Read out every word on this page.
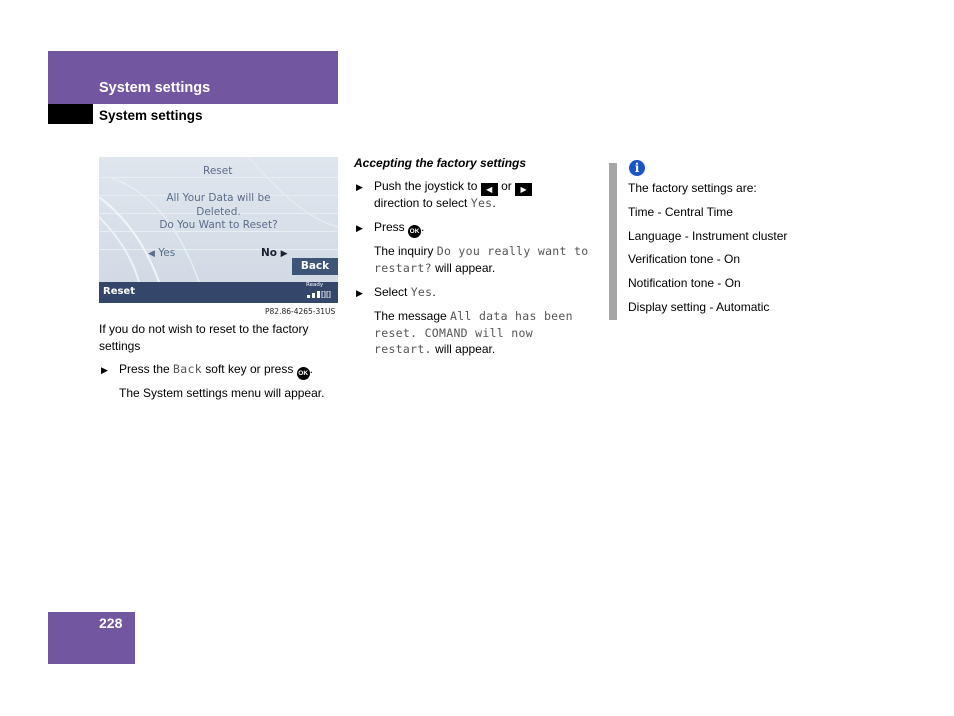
System settings
System settings
Reset
All Your Data will be
Deleted.
Do You Want to Reset?
◀ Yes	No ▶
Back
Reset
Ready
P82.86-4265-31US
If you do not wish to reset to the factory settings
▶ Press the Back soft key or press OK .
The System settings menu will appear.
Accepting the factory settings
▶ Push the joystick to ◀ or ▶
direction to select Yes.
▶ Press OK .
The inquiry Do you really want to
restart? will appear.
▶ Select Yes.
The message All data has been
reset. COMAND will now
restart. will appear.
i
The factory settings are:
Time - Central Time
Language - Instrument cluster
Verification tone - On
Notification tone - On
Display setting - Automatic
228
